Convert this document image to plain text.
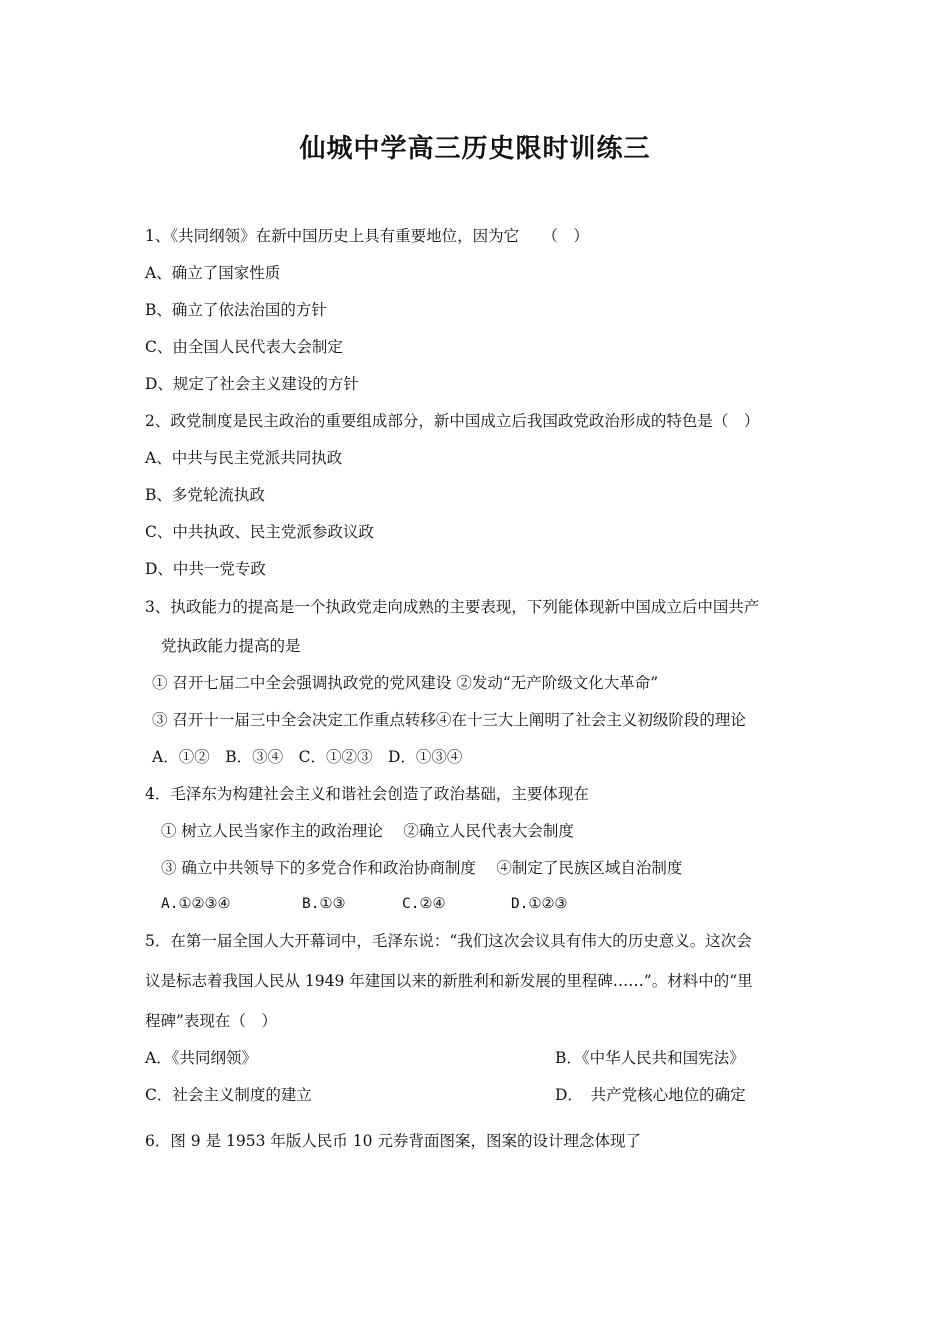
仙城中学高三历史限时训练三
1、《共同纲领》在新中国历史上具有重要地位，因为它　　（　）
A、确立了国家性质
B、确立了依法治国的方针
C、由全国人民代表大会制定
D、规定了社会主义建设的方针
2、政党制度是民主政治的重要组成部分，新中国成立后我国政党政治形成的特色是（　）
A、中共与民主党派共同执政
B、多党轮流执政
C、中共执政、民主党派参政议政
D、中共一党专政
3、执政能力的提高是一个执政党走向成熟的主要表现，下列能体现新中国成立后中国共产
党执政能力提高的是
① 召开七届二中全会强调执政党的党风建设 ②发动“无产阶级文化大革命”
③ 召开十一届三中全会决定工作重点转移④在十三大上阐明了社会主义初级阶段的理论
A．①②　B．③④　C．①②③　D．①③④
4．毛泽东为构建社会主义和谐社会创造了政治基础，主要体现在
① 树立人民当家作主的政治理论　 ②确立人民代表大会制度
③ 确立中共领导下的多党合作和政治协商制度　 ④制定了民族区域自治制度
A.①②③④	B.①③	C.②④	D.①②③
5．在第一届全国人大开幕词中，毛泽东说：“我们这次会议具有伟大的历史意义。这次会
议是标志着我国人民从 1949 年建国以来的新胜利和新发展的里程碑……”。材料中的“里
程碑”表现在（　）
A．《共同纲领》	B．《中华人民共和国宪法》
C．社会主义制度的建立	D．　共产党核心地位的确定
6．图 9 是 1953 年版人民币 10 元券背面图案，图案的设计理念体现了
